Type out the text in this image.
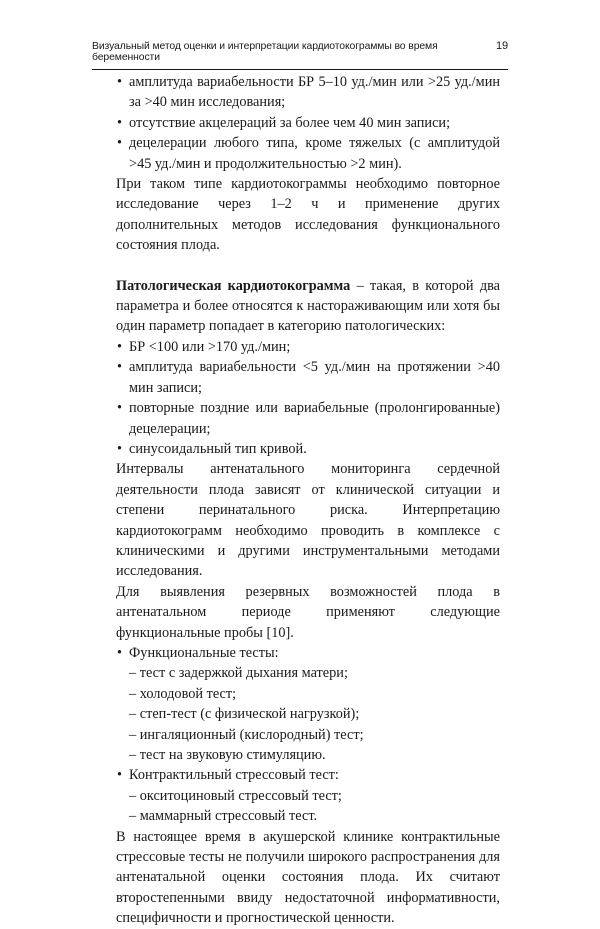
Визуальный метод оценки и интерпретации кардиотокограммы во время беременности
19
• амплитуда вариабельности БР 5–10 уд./мин или >25 уд./мин за >40 мин исследования;
• отсутствие акцелераций за более чем 40 мин записи;
• децелерации любого типа, кроме тяжелых (с амплитудой >45 уд./мин и продолжительностью >2 мин).

При таком типе кардиотокограммы необходимо повторное исследование через 1–2 ч и применение других дополнительных методов исследования функционального состояния плода.

Патологическая кардиотокограмма – такая, в которой два параметра и более относятся к настораживающим или хотя бы один параметр попадает в категорию патологических:

• БР <100 или >170 уд./мин;
• амплитуда вариабельности <5 уд./мин на протяжении >40 мин записи;
• повторные поздние или вариабельные (пролонгированные) децелерации;
• синусоидальный тип кривой.

Интервалы антенатального мониторинга сердечной деятельности плода зависят от клинической ситуации и степени перинатального риска. Интерпретацию кардиотокограмм необходимо проводить в комплексе с клиническими и другими инструментальными методами исследования.

Для выявления резервных возможностей плода в антенатальном периоде применяют следующие функциональные пробы [10].

• Функциональные тесты:
– тест с задержкой дыхания матери;
– холодовой тест;
– степ-тест (с физической нагрузкой);
– ингаляционный (кислородный) тест;
– тест на звуковую стимуляцию.
• Контрактильный стрессовый тест:
– окситоциновый стрессовый тест;
– маммарный стрессовый тест.

В настоящее время в акушерской клинике контрактильные стрессовые тесты не получили широкого распространения для антенатальной оценки состояния плода. Их считают второстепенными ввиду недостаточной информативности, специфичности и прогностической ценности.
